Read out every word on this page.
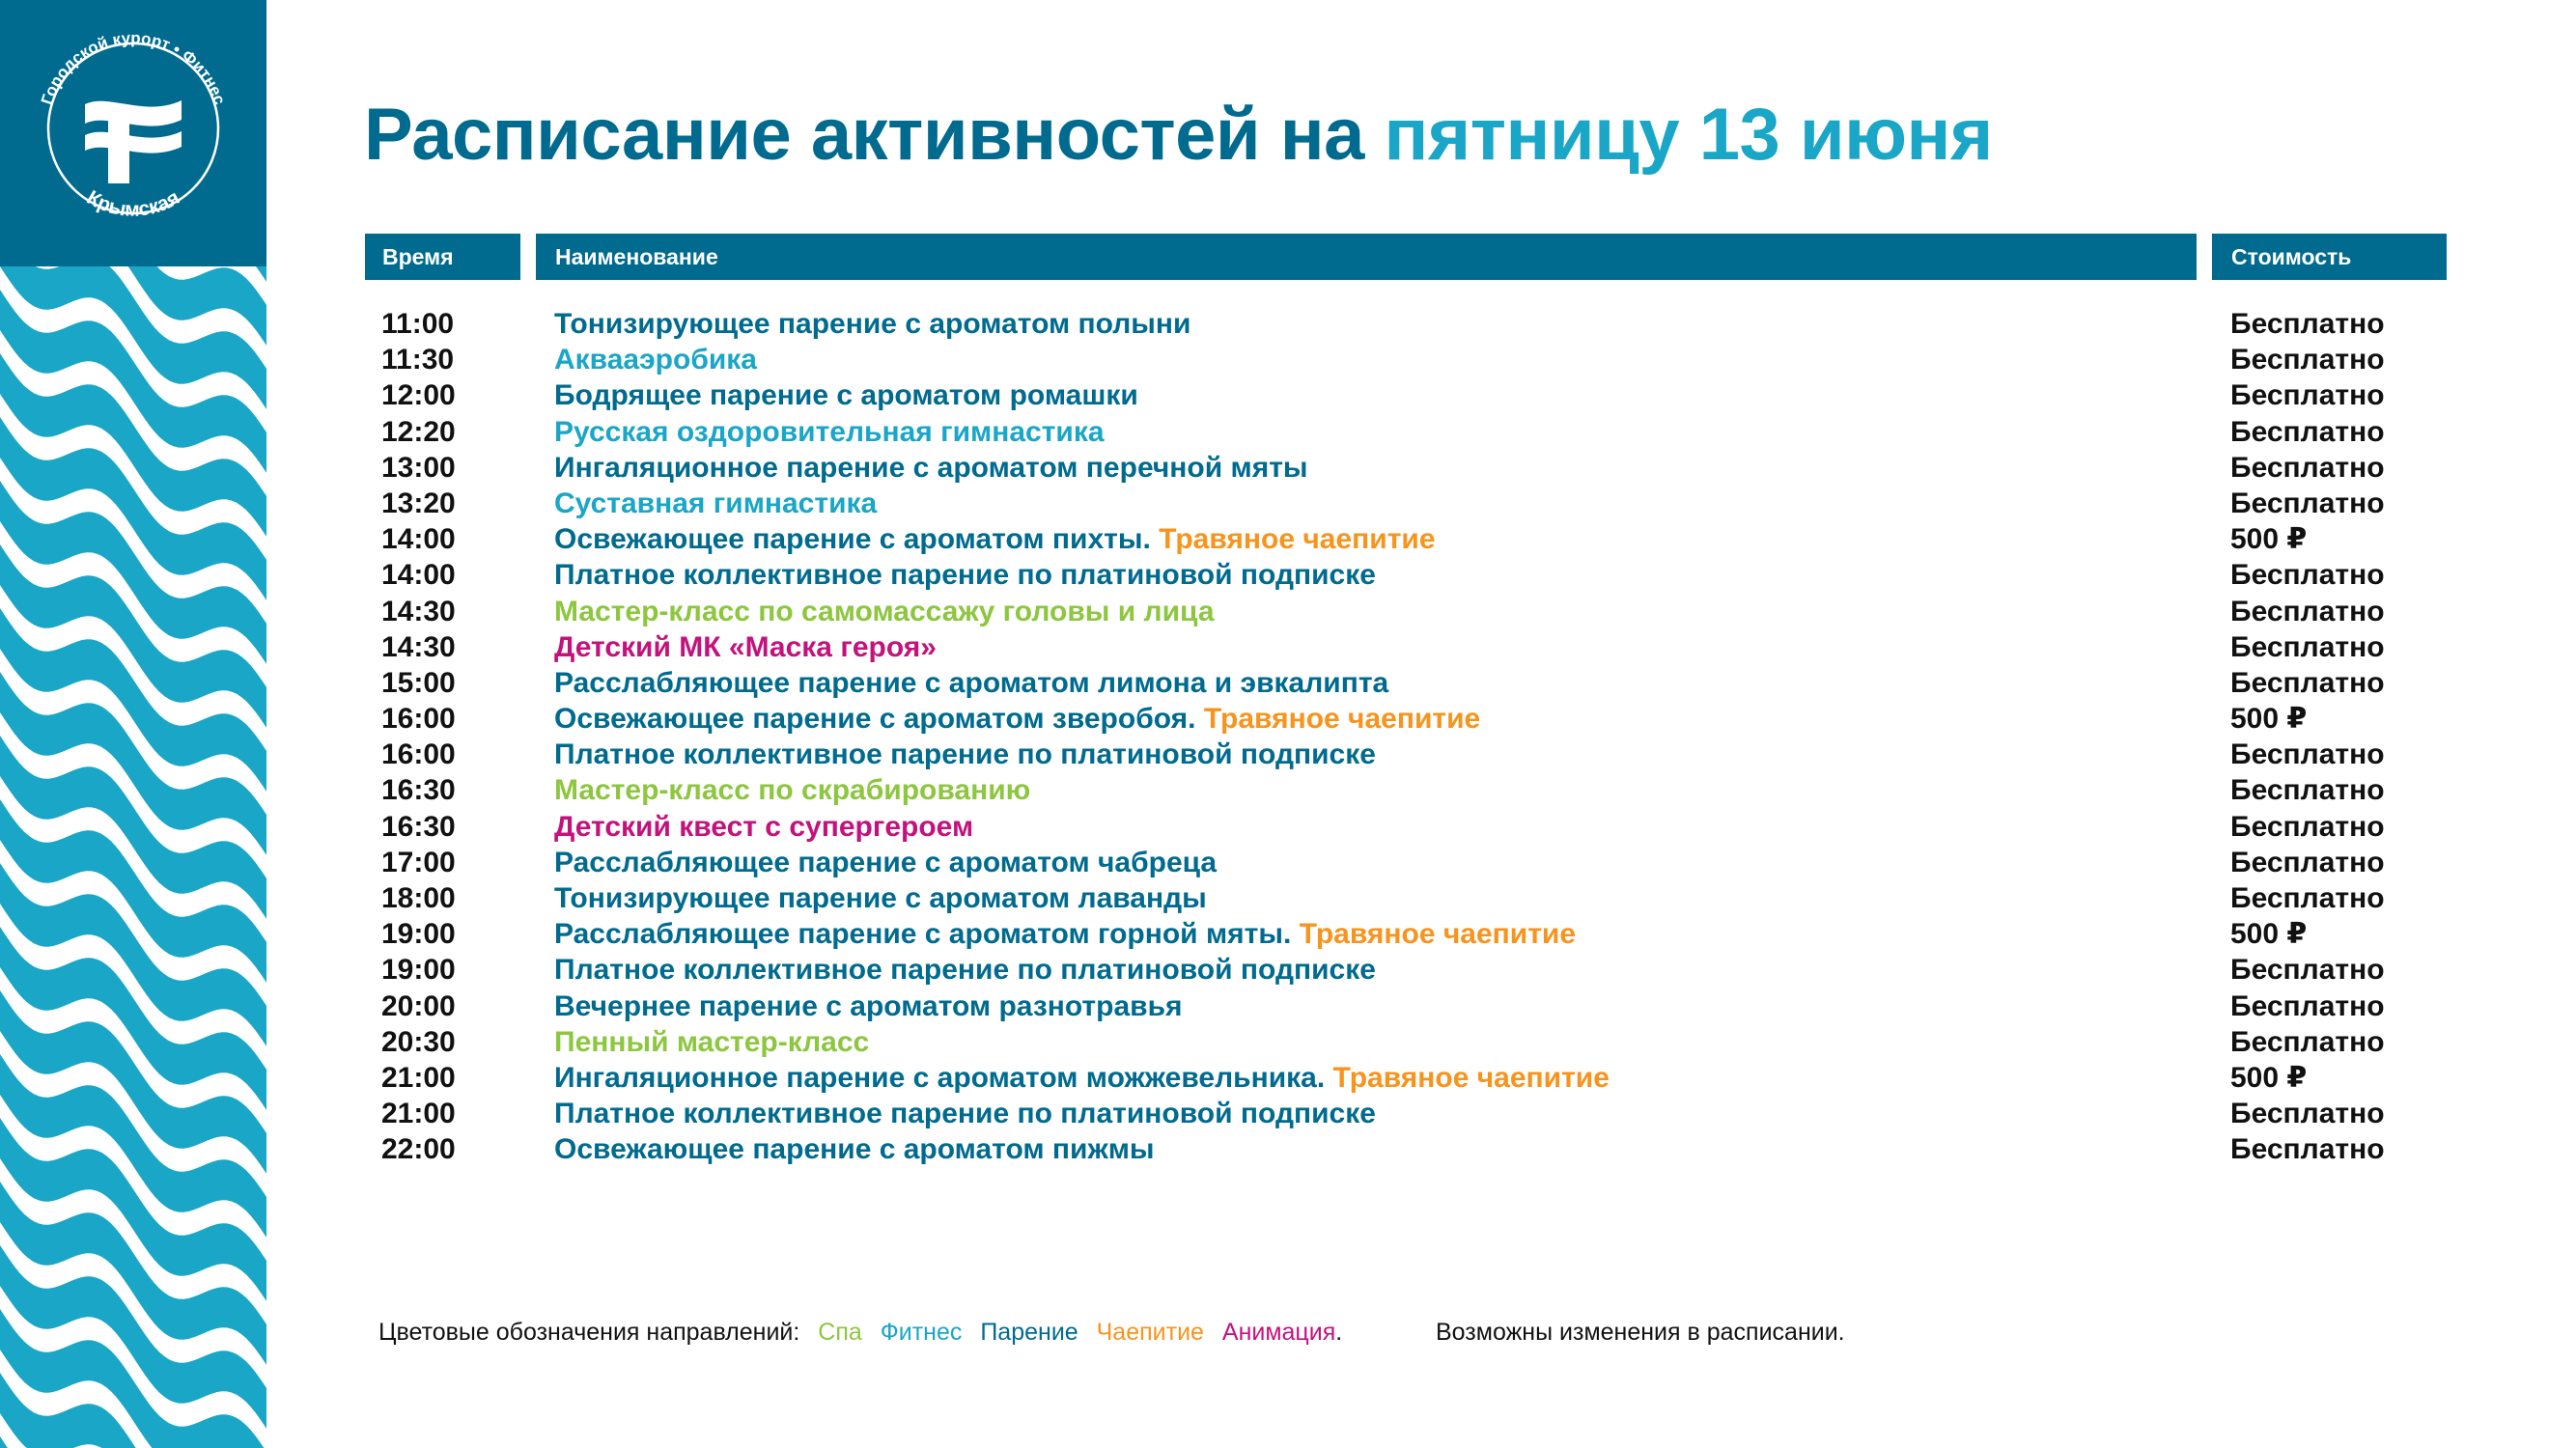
Городской курорт • Фитнес
Крымская
Расписание активностей на пятницу 13 июня
Время	Наименование	Стоимость
11:00	Тонизирующее парение с ароматом полыни	Бесплатно
11:30	Аквааэробика	Бесплатно
12:00	Бодрящее парение с ароматом ромашки	Бесплатно
12:20	Русская оздоровительная гимнастика	Бесплатно
13:00	Ингаляционное парение с ароматом перечной мяты	Бесплатно
13:20	Суставная гимнастика	Бесплатно
14:00	Освежающее парение с ароматом пихты. Травяное чаепитие	500 ₽
14:00	Платное коллективное парение по платиновой подписке	Бесплатно
14:30	Мастер-класс по самомассажу головы и лица	Бесплатно
14:30	Детский МК «Маска героя»	Бесплатно
15:00	Расслабляющее парение с ароматом лимона и эвкалипта	Бесплатно
16:00	Освежающее парение с ароматом зверобоя. Травяное чаепитие	500 ₽
16:00	Платное коллективное парение по платиновой подписке	Бесплатно
16:30	Мастер-класс по скрабированию	Бесплатно
16:30	Детский квест с супергероем	Бесплатно
17:00	Расслабляющее парение с ароматом чабреца	Бесплатно
18:00	Тонизирующее парение с ароматом лаванды	Бесплатно
19:00	Расслабляющее парение с ароматом горной мяты. Травяное чаепитие	500 ₽
19:00	Платное коллективное парение по платиновой подписке	Бесплатно
20:00	Вечернее парение с ароматом разнотравья	Бесплатно
20:30	Пенный мастер-класс	Бесплатно
21:00	Ингаляционное парение с ароматом можжевельника. Травяное чаепитие	500 ₽
21:00	Платное коллективное парение по платиновой подписке	Бесплатно
22:00	Освежающее парение с ароматом пижмы	Бесплатно
Цветовые обозначения направлений: Спа Фитнес Парение Чаепитие Анимация.	Возможны изменения в расписании.
